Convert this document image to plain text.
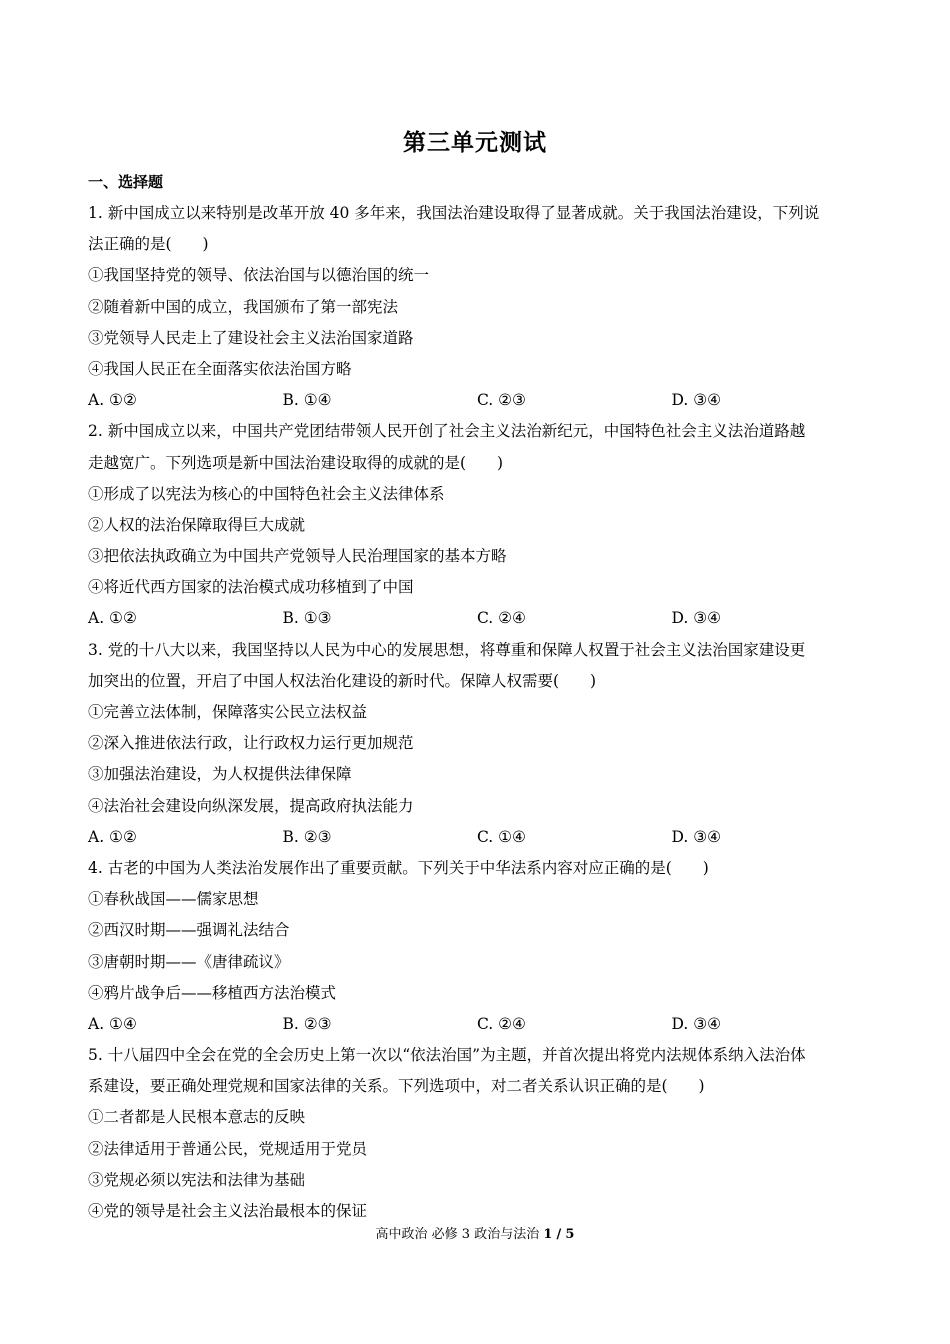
第三单元测试
一、选择题
1. 新中国成立以来特别是改革开放 40 多年来，我国法治建设取得了显著成就。关于我国法治建设，下列说
法正确的是(　　)
①我国坚持党的领导、依法治国与以德治国的统一
②随着新中国的成立，我国颁布了第一部宪法
③党领导人民走上了建设社会主义法治国家道路
④我国人民正在全面落实依法治国方略
A. ①②	B. ①④	C. ②③	D. ③④
2. 新中国成立以来，中国共产党团结带领人民开创了社会主义法治新纪元，中国特色社会主义法治道路越
走越宽广。下列选项是新中国法治建设取得的成就的是(　　)
①形成了以宪法为核心的中国特色社会主义法律体系
②人权的法治保障取得巨大成就
③把依法执政确立为中国共产党领导人民治理国家的基本方略
④将近代西方国家的法治模式成功移植到了中国
A. ①②	B. ①③	C. ②④	D. ③④
3. 党的十八大以来，我国坚持以人民为中心的发展思想，将尊重和保障人权置于社会主义法治国家建设更
加突出的位置，开启了中国人权法治化建设的新时代。保障人权需要(　　)
①完善立法体制，保障落实公民立法权益
②深入推进依法行政，让行政权力运行更加规范
③加强法治建设，为人权提供法律保障
④法治社会建设向纵深发展，提高政府执法能力
A. ①②	B. ②③	C. ①④	D. ③④
4. 古老的中国为人类法治发展作出了重要贡献。下列关于中华法系内容对应正确的是(　　)
①春秋战国——儒家思想
②西汉时期——强调礼法结合
③唐朝时期——《唐律疏议》
④鸦片战争后——移植西方法治模式
A. ①④	B. ②③	C. ②④	D. ③④
5. 十八届四中全会在党的全会历史上第一次以“依法治国”为主题，并首次提出将党内法规体系纳入法治体
系建设，要正确处理党规和国家法律的关系。下列选项中，对二者关系认识正确的是(　　)
①二者都是人民根本意志的反映
②法律适用于普通公民，党规适用于党员
③党规必须以宪法和法律为基础
④党的领导是社会主义法治最根本的保证
高中政治 必修 3 政治与法治 1 / 5
